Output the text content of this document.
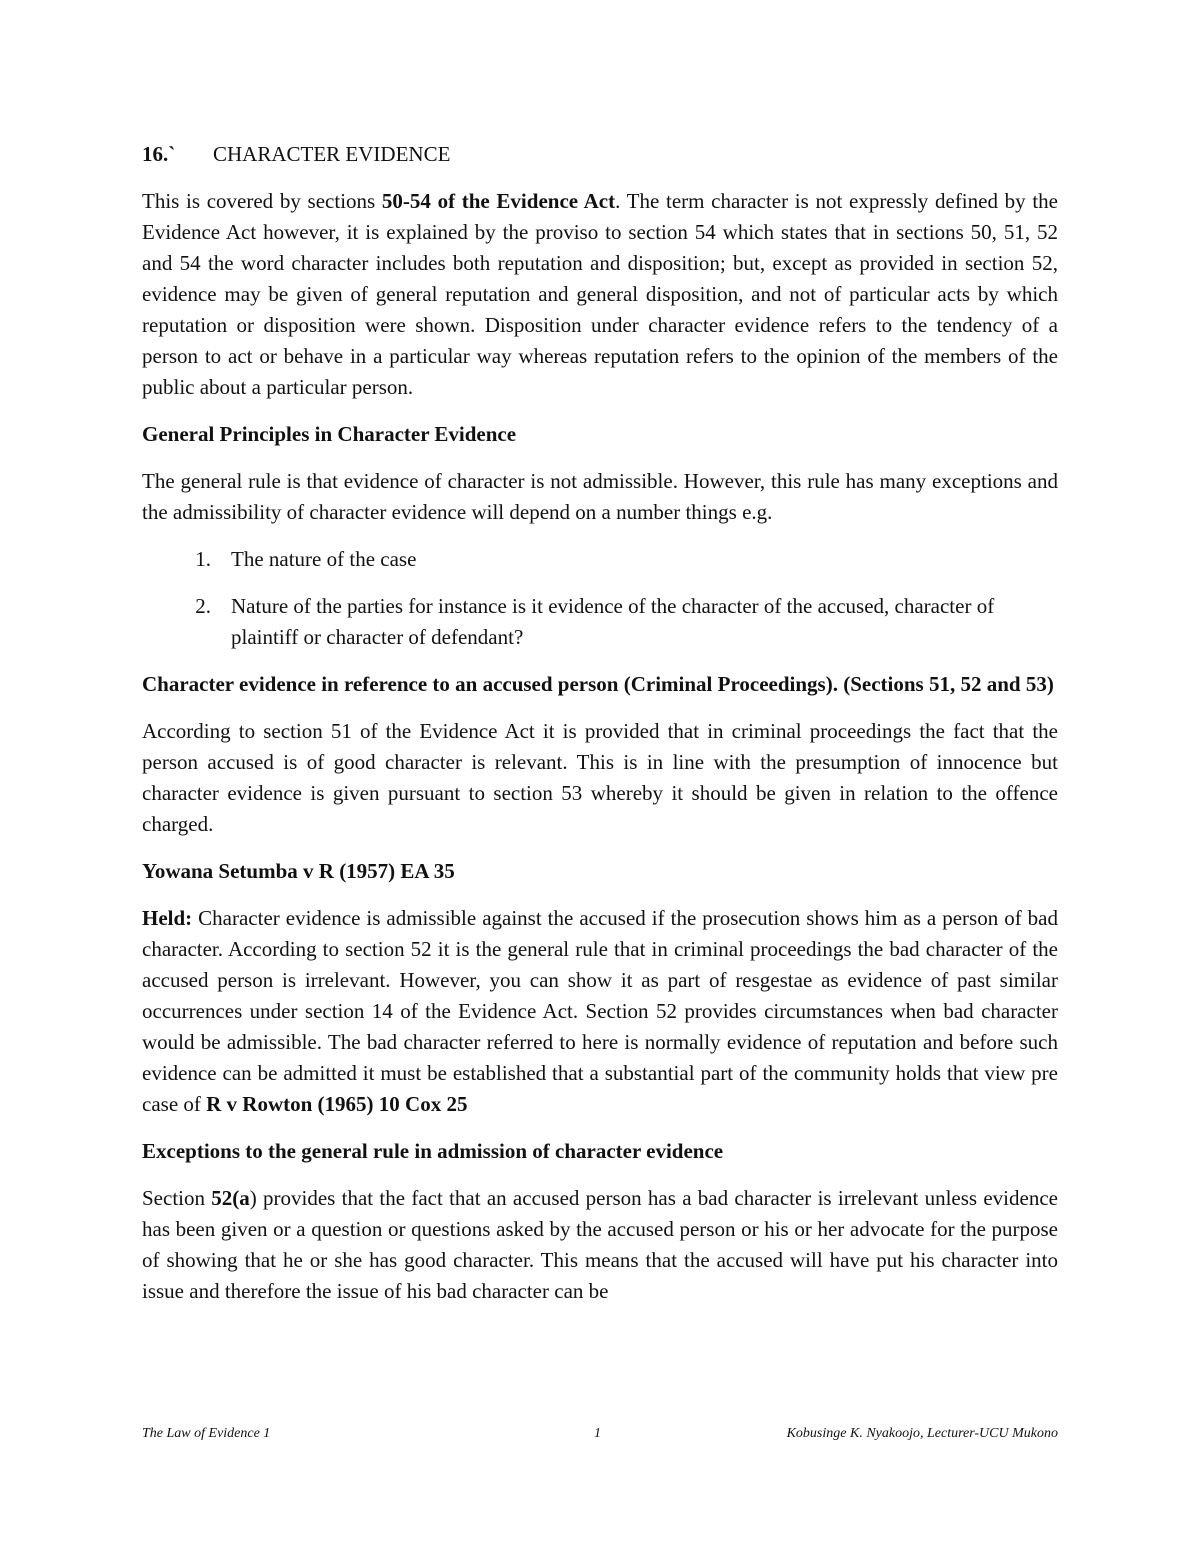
16.`	CHARACTER EVIDENCE

This is covered by sections 50-54 of the Evidence Act. The term character is not expressly defined by the Evidence Act however, it is explained by the proviso to section 54 which states that in sections 50, 51, 52 and 54 the word character includes both reputation and disposition; but, except as provided in section 52, evidence may be given of general reputation and general disposition, and not of particular acts by which reputation or disposition were shown. Disposition under character evidence refers to the tendency of a person to act or behave in a particular way whereas reputation refers to the opinion of the members of the public about a particular person.

General Principles in Character Evidence

The general rule is that evidence of character is not admissible. However, this rule has many exceptions and the admissibility of character evidence will depend on a number things e.g.

1. The nature of the case
2. Nature of the parties for instance is it evidence of the character of the accused, character of plaintiff or character of defendant?
Character evidence in reference to an accused person (Criminal Proceedings). (Sections 51, 52 and 53)

According to section 51 of the Evidence Act it is provided that in criminal proceedings the fact that the person accused is of good character is relevant. This is in line with the presumption of innocence but character evidence is given pursuant to section 53 whereby it should be given in relation to the offence charged.

Yowana Setumba v R (1957) EA 35

Held: Character evidence is admissible against the accused if the prosecution shows him as a person of bad character. According to section 52 it is the general rule that in criminal proceedings the bad character of the accused person is irrelevant. However, you can show it as part of resgestae as evidence of past similar occurrences under section 14 of the Evidence Act. Section 52 provides circumstances when bad character would be admissible. The bad character referred to here is normally evidence of reputation and before such evidence can be admitted it must be established that a substantial part of the community holds that view pre case of R v Rowton (1965) 10 Cox 25

Exceptions to the general rule in admission of character evidence

Section 52(a) provides that the fact that an accused person has a bad character is irrelevant unless evidence has been given or a question or questions asked by the accused person or his or her advocate for the purpose of showing that he or she has good character. This means that the accused will have put his character into issue and therefore the issue of his bad character can be

The Law of Evidence 1	1	Kobusinge K. Nyakoojo, Lecturer-UCU Mukono
